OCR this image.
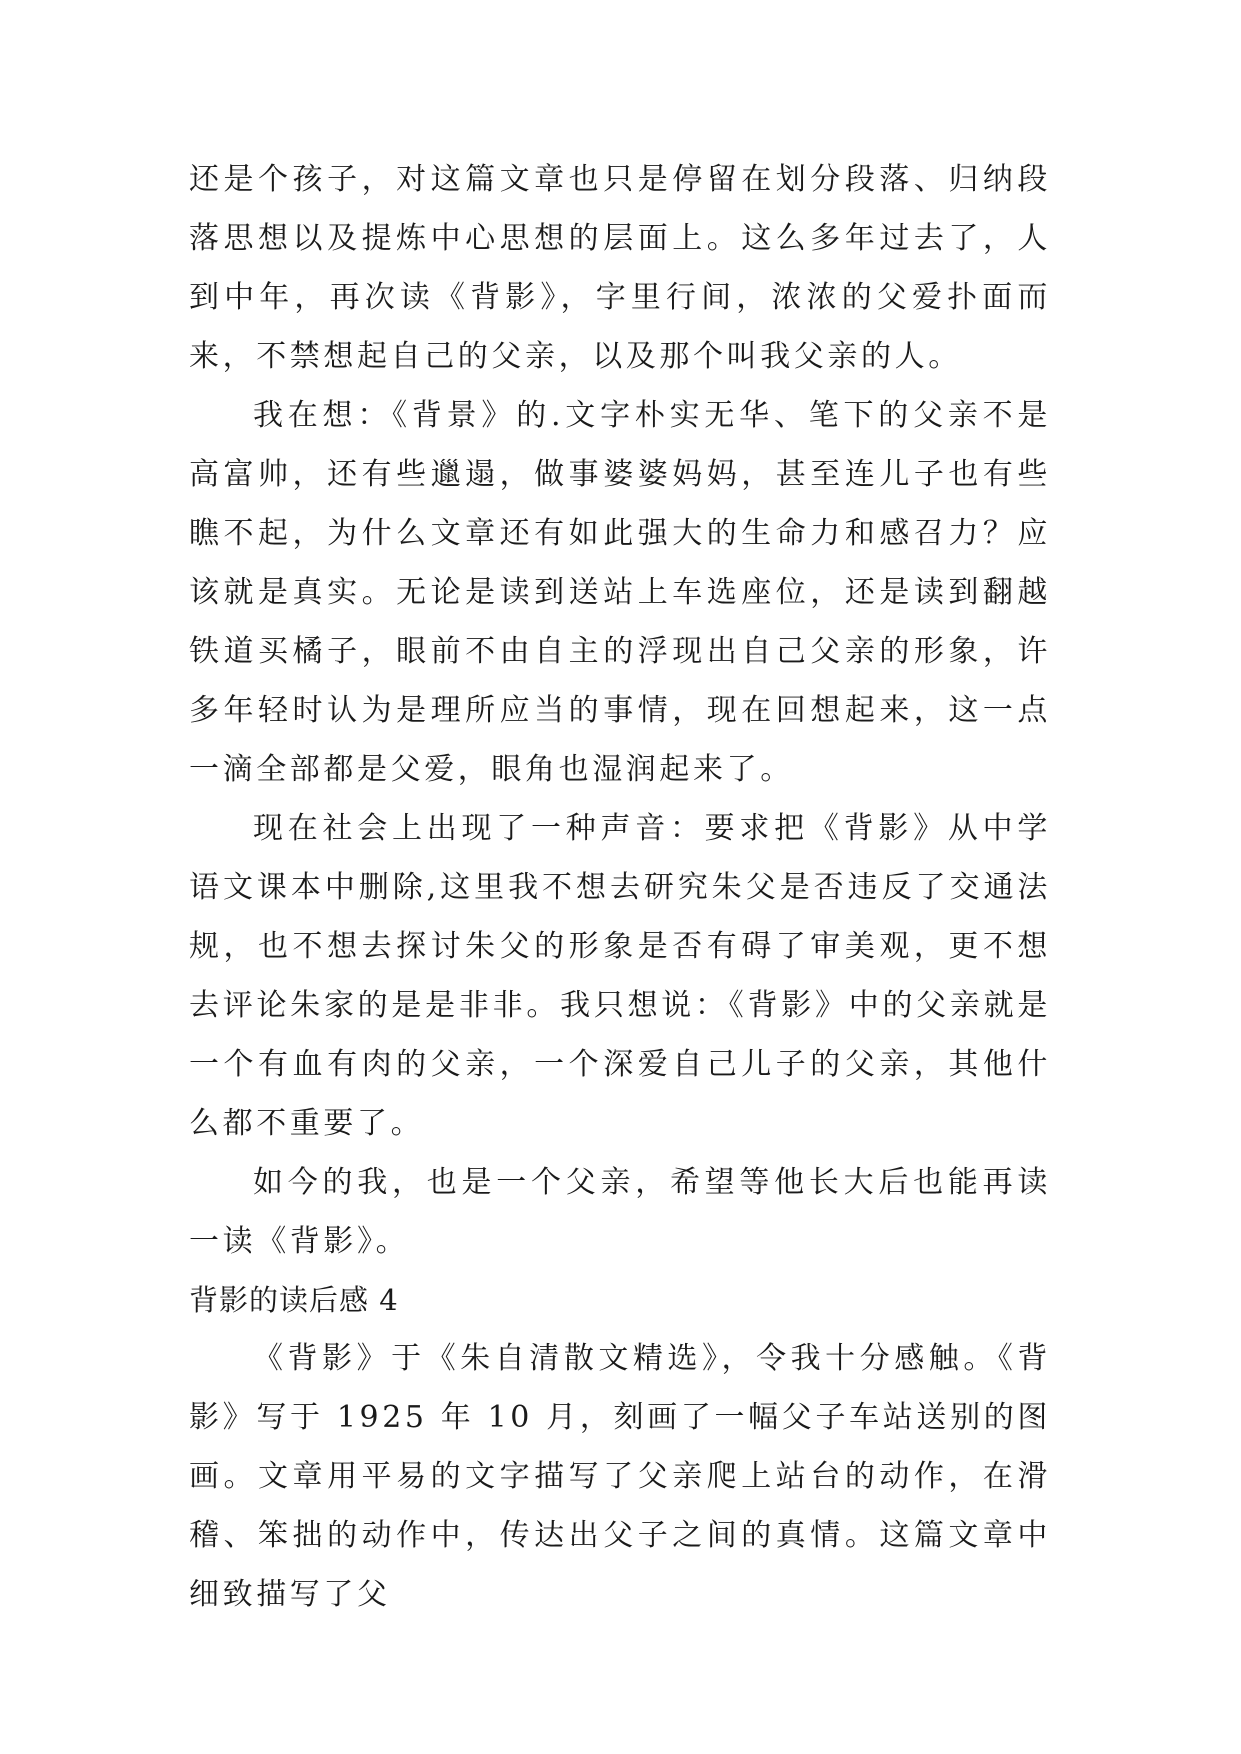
还是个孩子，对这篇文章也只是停留在划分段落、归纳段落思想以及提炼中心思想的层面上。这么多年过去了，人到中年，再次读《背影》，字里行间，浓浓的父爱扑面而来，不禁想起自己的父亲，以及那个叫我父亲的人。

我在想：《背景》的.文字朴实无华、笔下的父亲不是高富帅，还有些邋遢，做事婆婆妈妈，甚至连儿子也有些瞧不起，为什么文章还有如此强大的生命力和感召力？应该就是真实。无论是读到送站上车选座位，还是读到翻越铁道买橘子，眼前不由自主的浮现出自己父亲的形象，许多年轻时认为是理所应当的事情，现在回想起来，这一点一滴全部都是父爱，眼角也湿润起来了。

现在社会上出现了一种声音：要求把《背影》从中学语文课本中删除,这里我不想去研究朱父是否违反了交通法规，也不想去探讨朱父的形象是否有碍了审美观，更不想去评论朱家的是是非非。我只想说：《背影》中的父亲就是一个有血有肉的父亲，一个深爱自己儿子的父亲，其他什么都不重要了。

如今的我，也是一个父亲，希望等他长大后也能再读一读《背影》。

背影的读后感 4

《背影》于《朱自清散文精选》，令我十分感触。《背影》写于 1925 年 10 月，刻画了一幅父子车站送别的图画。文章用平易的文字描写了父亲爬上站台的动作，在滑稽、笨拙的动作中，传达出父子之间的真情。这篇文章中细致描写了父
